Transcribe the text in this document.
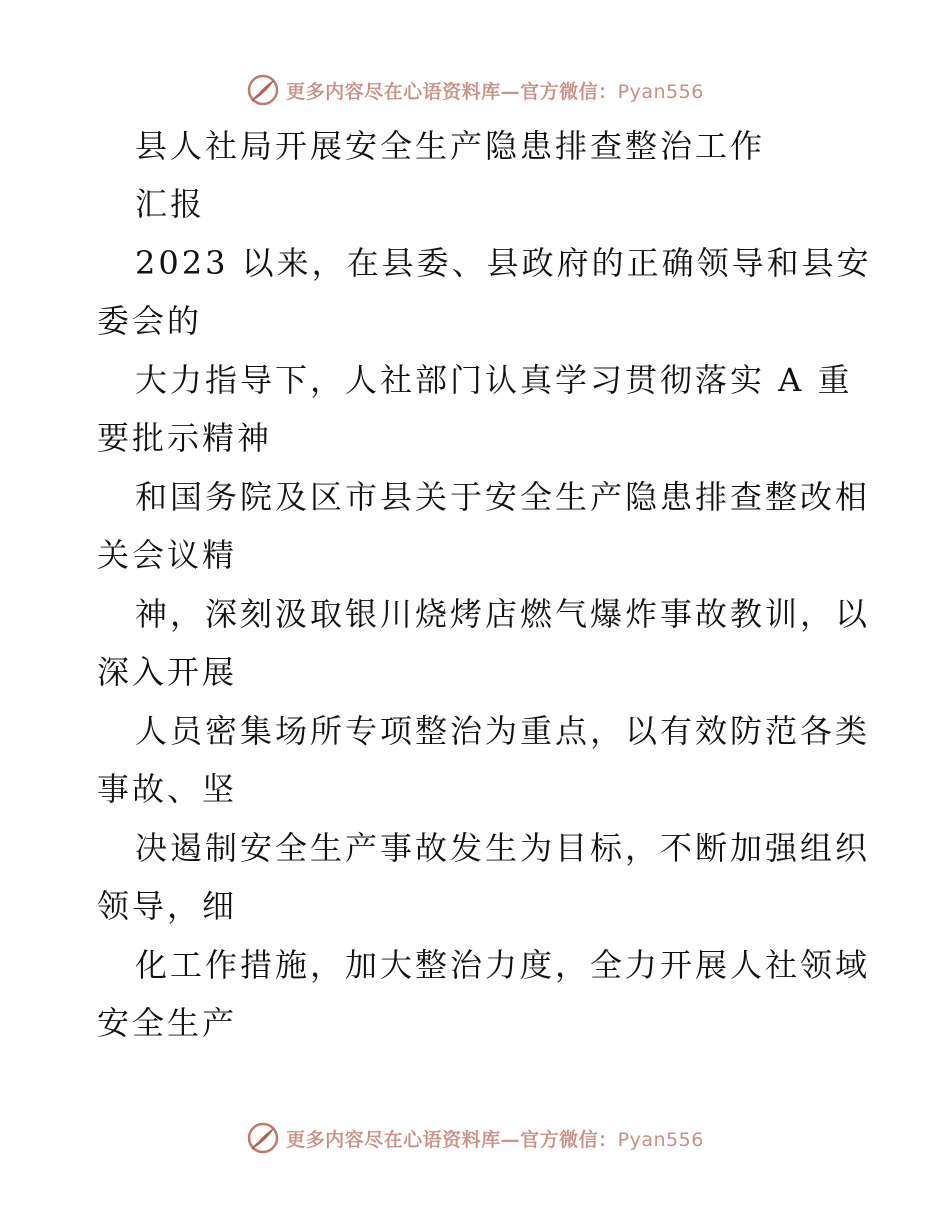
更多内容尽在心语资料库—官方微信：Pyan556
县人社局开展安全生产隐患排查整治工作
汇报
2023 以来，在县委、县政府的正确领导和县安
委会的
大力指导下，人社部门认真学习贯彻落实 A 重
要批示精神
和国务院及区市县关于安全生产隐患排查整改相
关会议精
神，深刻汲取银川烧烤店燃气爆炸事故教训，以
深入开展
人员密集场所专项整治为重点，以有效防范各类
事故、坚
决遏制安全生产事故发生为目标，不断加强组织
领导，细
化工作措施，加大整治力度，全力开展人社领域
安全生产
更多内容尽在心语资料库—官方微信：Pyan556
